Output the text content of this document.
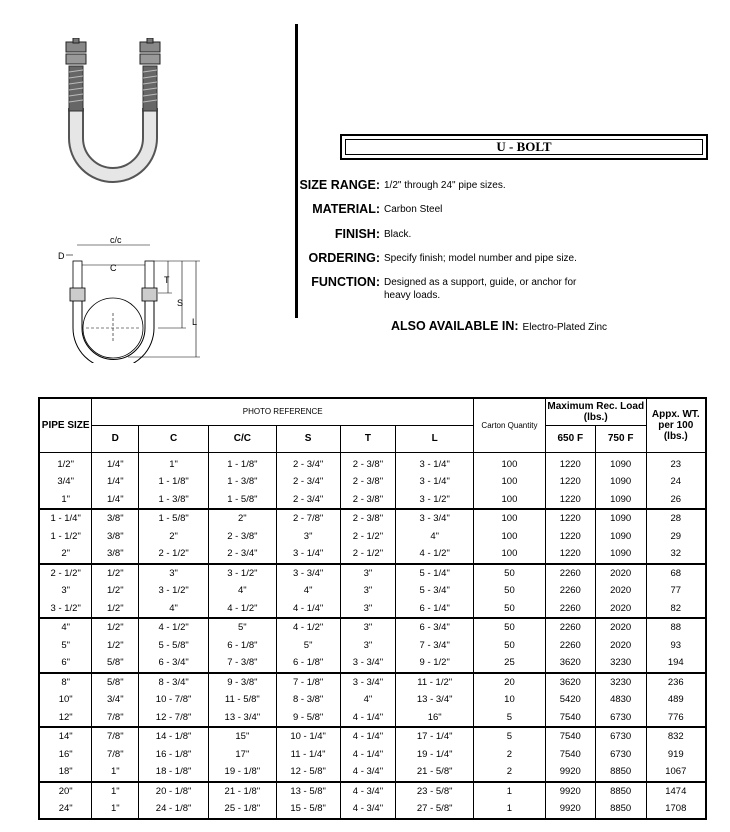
D
c/c
C
T
S
L
U - BOLT
SIZE RANGE: 1/2" through 24" pipe sizes.
MATERIAL: Carbon Steel
FINISH: Black.
ORDERING: Specify finish; model number and pipe size.
FUNCTION: Designed as a support, guide, or anchor for heavy loads.
ALSO AVAILABLE IN: Electro-Plated Zinc
PIPE SIZE	PHOTO REFERENCE						Carton Quantity	Maximum Rec. Load (lbs.)		Appx. WT. per 100 (lbs.)
	D	C	C/C	S	T	L		650 F	750 F	
1/2"	1/4"	1"	1 - 1/8"	2 - 3/4"	2 - 3/8"	3 - 1/4"	100	1220	1090	23
3/4"	1/4"	1 - 1/8"	1 - 3/8"	2 - 3/4"	2 - 3/8"	3 - 1/4"	100	1220	1090	24
1"	1/4"	1 - 3/8"	1 - 5/8"	2 - 3/4"	2 - 3/8"	3 - 1/2"	100	1220	1090	26
1 - 1/4"	3/8"	1 - 5/8"	2"	2 - 7/8"	2 - 3/8"	3 - 3/4"	100	1220	1090	28
1 - 1/2"	3/8"	2"	2 - 3/8"	3"	2 - 1/2"	4"	100	1220	1090	29
2"	3/8"	2 - 1/2"	2 - 3/4"	3 - 1/4"	2 - 1/2"	4 - 1/2"	100	1220	1090	32
2 - 1/2"	1/2"	3"	3 - 1/2"	3 - 3/4"	3"	5 - 1/4"	50	2260	2020	68
3"	1/2"	3 - 1/2"	4"	4"	3"	5 - 3/4"	50	2260	2020	77
3 - 1/2"	1/2"	4"	4 - 1/2"	4 - 1/4"	3"	6 - 1/4"	50	2260	2020	82
4"	1/2"	4 - 1/2"	5"	4 - 1/2"	3"	6 - 3/4"	50	2260	2020	88
5"	1/2"	5 - 5/8"	6 - 1/8"	5"	3"	7 - 3/4"	50	2260	2020	93
6"	5/8"	6 - 3/4"	7 - 3/8"	6 - 1/8"	3 - 3/4"	9 - 1/2"	25	3620	3230	194
8"	5/8"	8 - 3/4"	9 - 3/8"	7 - 1/8"	3 - 3/4"	11 - 1/2"	20	3620	3230	236
10"	3/4"	10 - 7/8"	11 - 5/8"	8 - 3/8"	4"	13 - 3/4"	10	5420	4830	489
12"	7/8"	12 - 7/8"	13 - 3/4"	9 - 5/8"	4 - 1/4"	16"	5	7540	6730	776
14"	7/8"	14 - 1/8"	15"	10 - 1/4"	4 - 1/4"	17 - 1/4"	5	7540	6730	832
16"	7/8"	16 - 1/8"	17"	11 - 1/4"	4 - 1/4"	19 - 1/4"	2	7540	6730	919
18"	1"	18 - 1/8"	19 - 1/8"	12 - 5/8"	4 - 3/4"	21 - 5/8"	2	9920	8850	1067
20"	1"	20 - 1/8"	21 - 1/8"	13 - 5/8"	4 - 3/4"	23 - 5/8"	1	9920	8850	1474
24"	1"	24 - 1/8"	25 - 1/8"	15 - 5/8"	4 - 3/4"	27 - 5/8"	1	9920	8850	1708
